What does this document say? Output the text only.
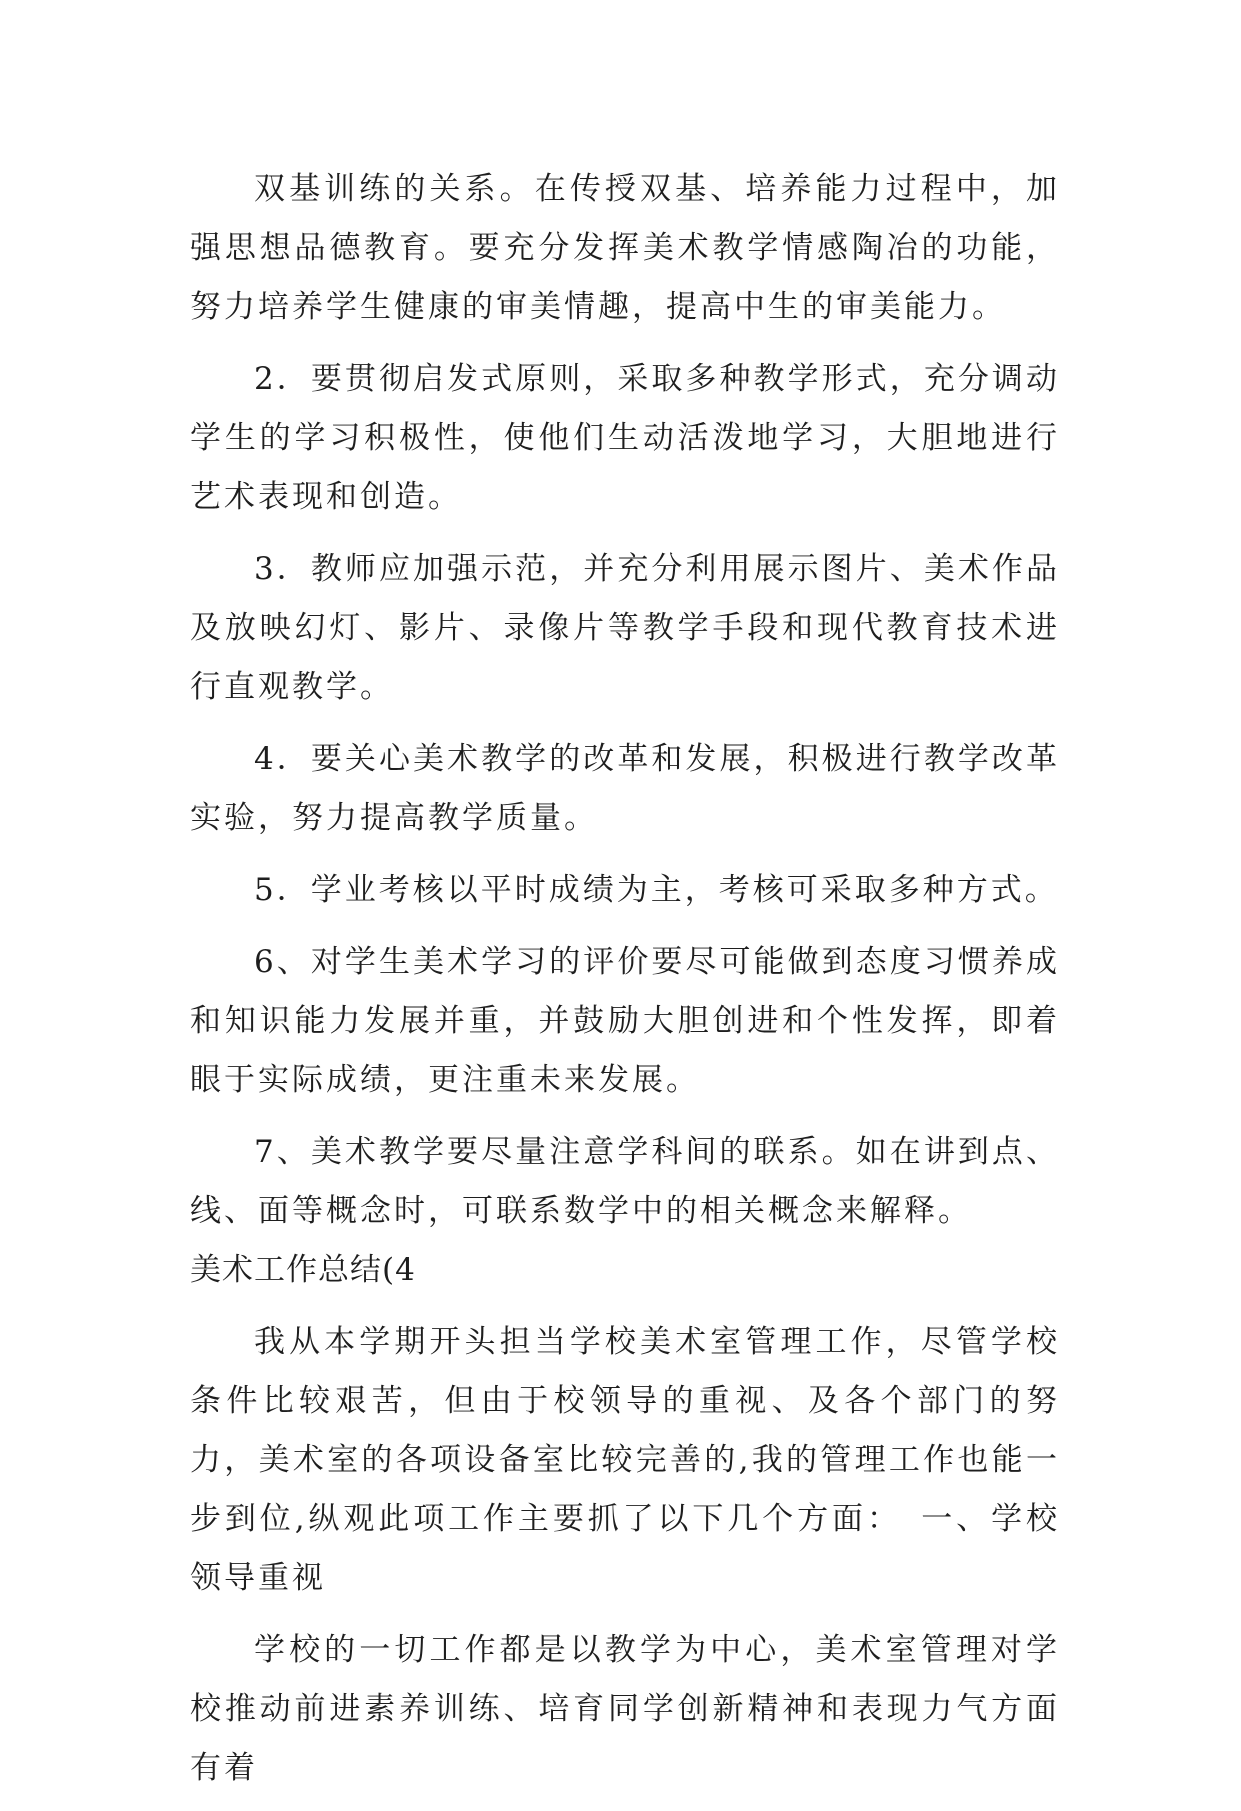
双基训练的关系。在传授双基、培养能力过程中，加强思想品德教育。要充分发挥美术教学情感陶冶的功能，努力培养学生健康的审美情趣，提高中生的审美能力。

2．要贯彻启发式原则，采取多种教学形式，充分调动学生的学习积极性，使他们生动活泼地学习，大胆地进行艺术表现和创造。

3．教师应加强示范，并充分利用展示图片、美术作品及放映幻灯、影片、录像片等教学手段和现代教育技术进行直观教学。

4．要关心美术教学的改革和发展，积极进行教学改革实验，努力提高教学质量。

5．学业考核以平时成绩为主，考核可采取多种方式。

6、对学生美术学习的评价要尽可能做到态度习惯养成和知识能力发展并重，并鼓励大胆创进和个性发挥，即着眼于实际成绩，更注重未来发展。

7、美术教学要尽量注意学科间的联系。如在讲到点、线、面等概念时，可联系数学中的相关概念来解释。

美术工作总结(4

我从本学期开头担当学校美术室管理工作，尽管学校条件比较艰苦，但由于校领导的重视、及各个部门的努力，美术室的各项设备室比较完善的,我的管理工作也能一步到位,纵观此项工作主要抓了以下几个方面：　一、学校领导重视

学校的一切工作都是以教学为中心，美术室管理对学校推动前进素养训练、培育同学创新精神和表现力气方面有着
